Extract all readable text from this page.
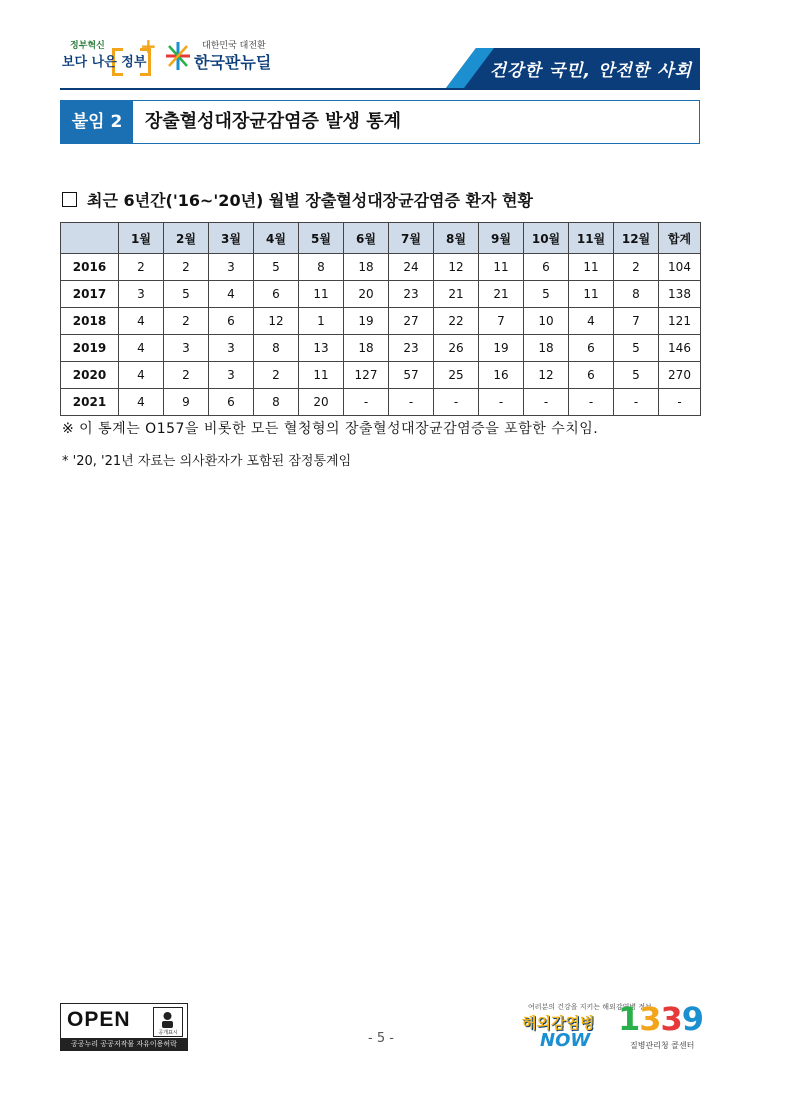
정부혁신
보다 나은 정부
+	대한민국 대전환
한국판뉴딜	건강한 국민, 안전한 사회
붙임 2	장출혈성대장균감염증 발생 통계
최근 6년간('16∼'20년) 월별 장출혈성대장균감염증 환자 현황
	1월	2월	3월	4월	5월	6월	7월	8월	9월	10월	11월	12월	합계
2016	2	2	3	5	8	18	24	12	11	6	11	2	104
2017	3	5	4	6	11	20	23	21	21	5	11	8	138
2018	4	2	6	12	1	19	27	22	7	10	4	7	121
2019	4	3	3	8	13	18	23	26	19	18	6	5	146
2020	4	2	3	2	11	127	57	25	16	12	6	5	270
2021	4	9	6	8	20	-	-	-	-	-	-	-	-
※ 이 통계는 O157을 비롯한 모든 혈청형의 장출혈성대장균감염증을 포함한 수치임.
* '20, '21년 자료는 의사환자가 포함된 잠정통계임
OPEN
공개표시
공공누리 공공저작물 자유이용허락	- 5 -
여러분의 건강을 지키는 해외감염병 정보
해외감염병
NOW
1339
질병관리청 콜센터
